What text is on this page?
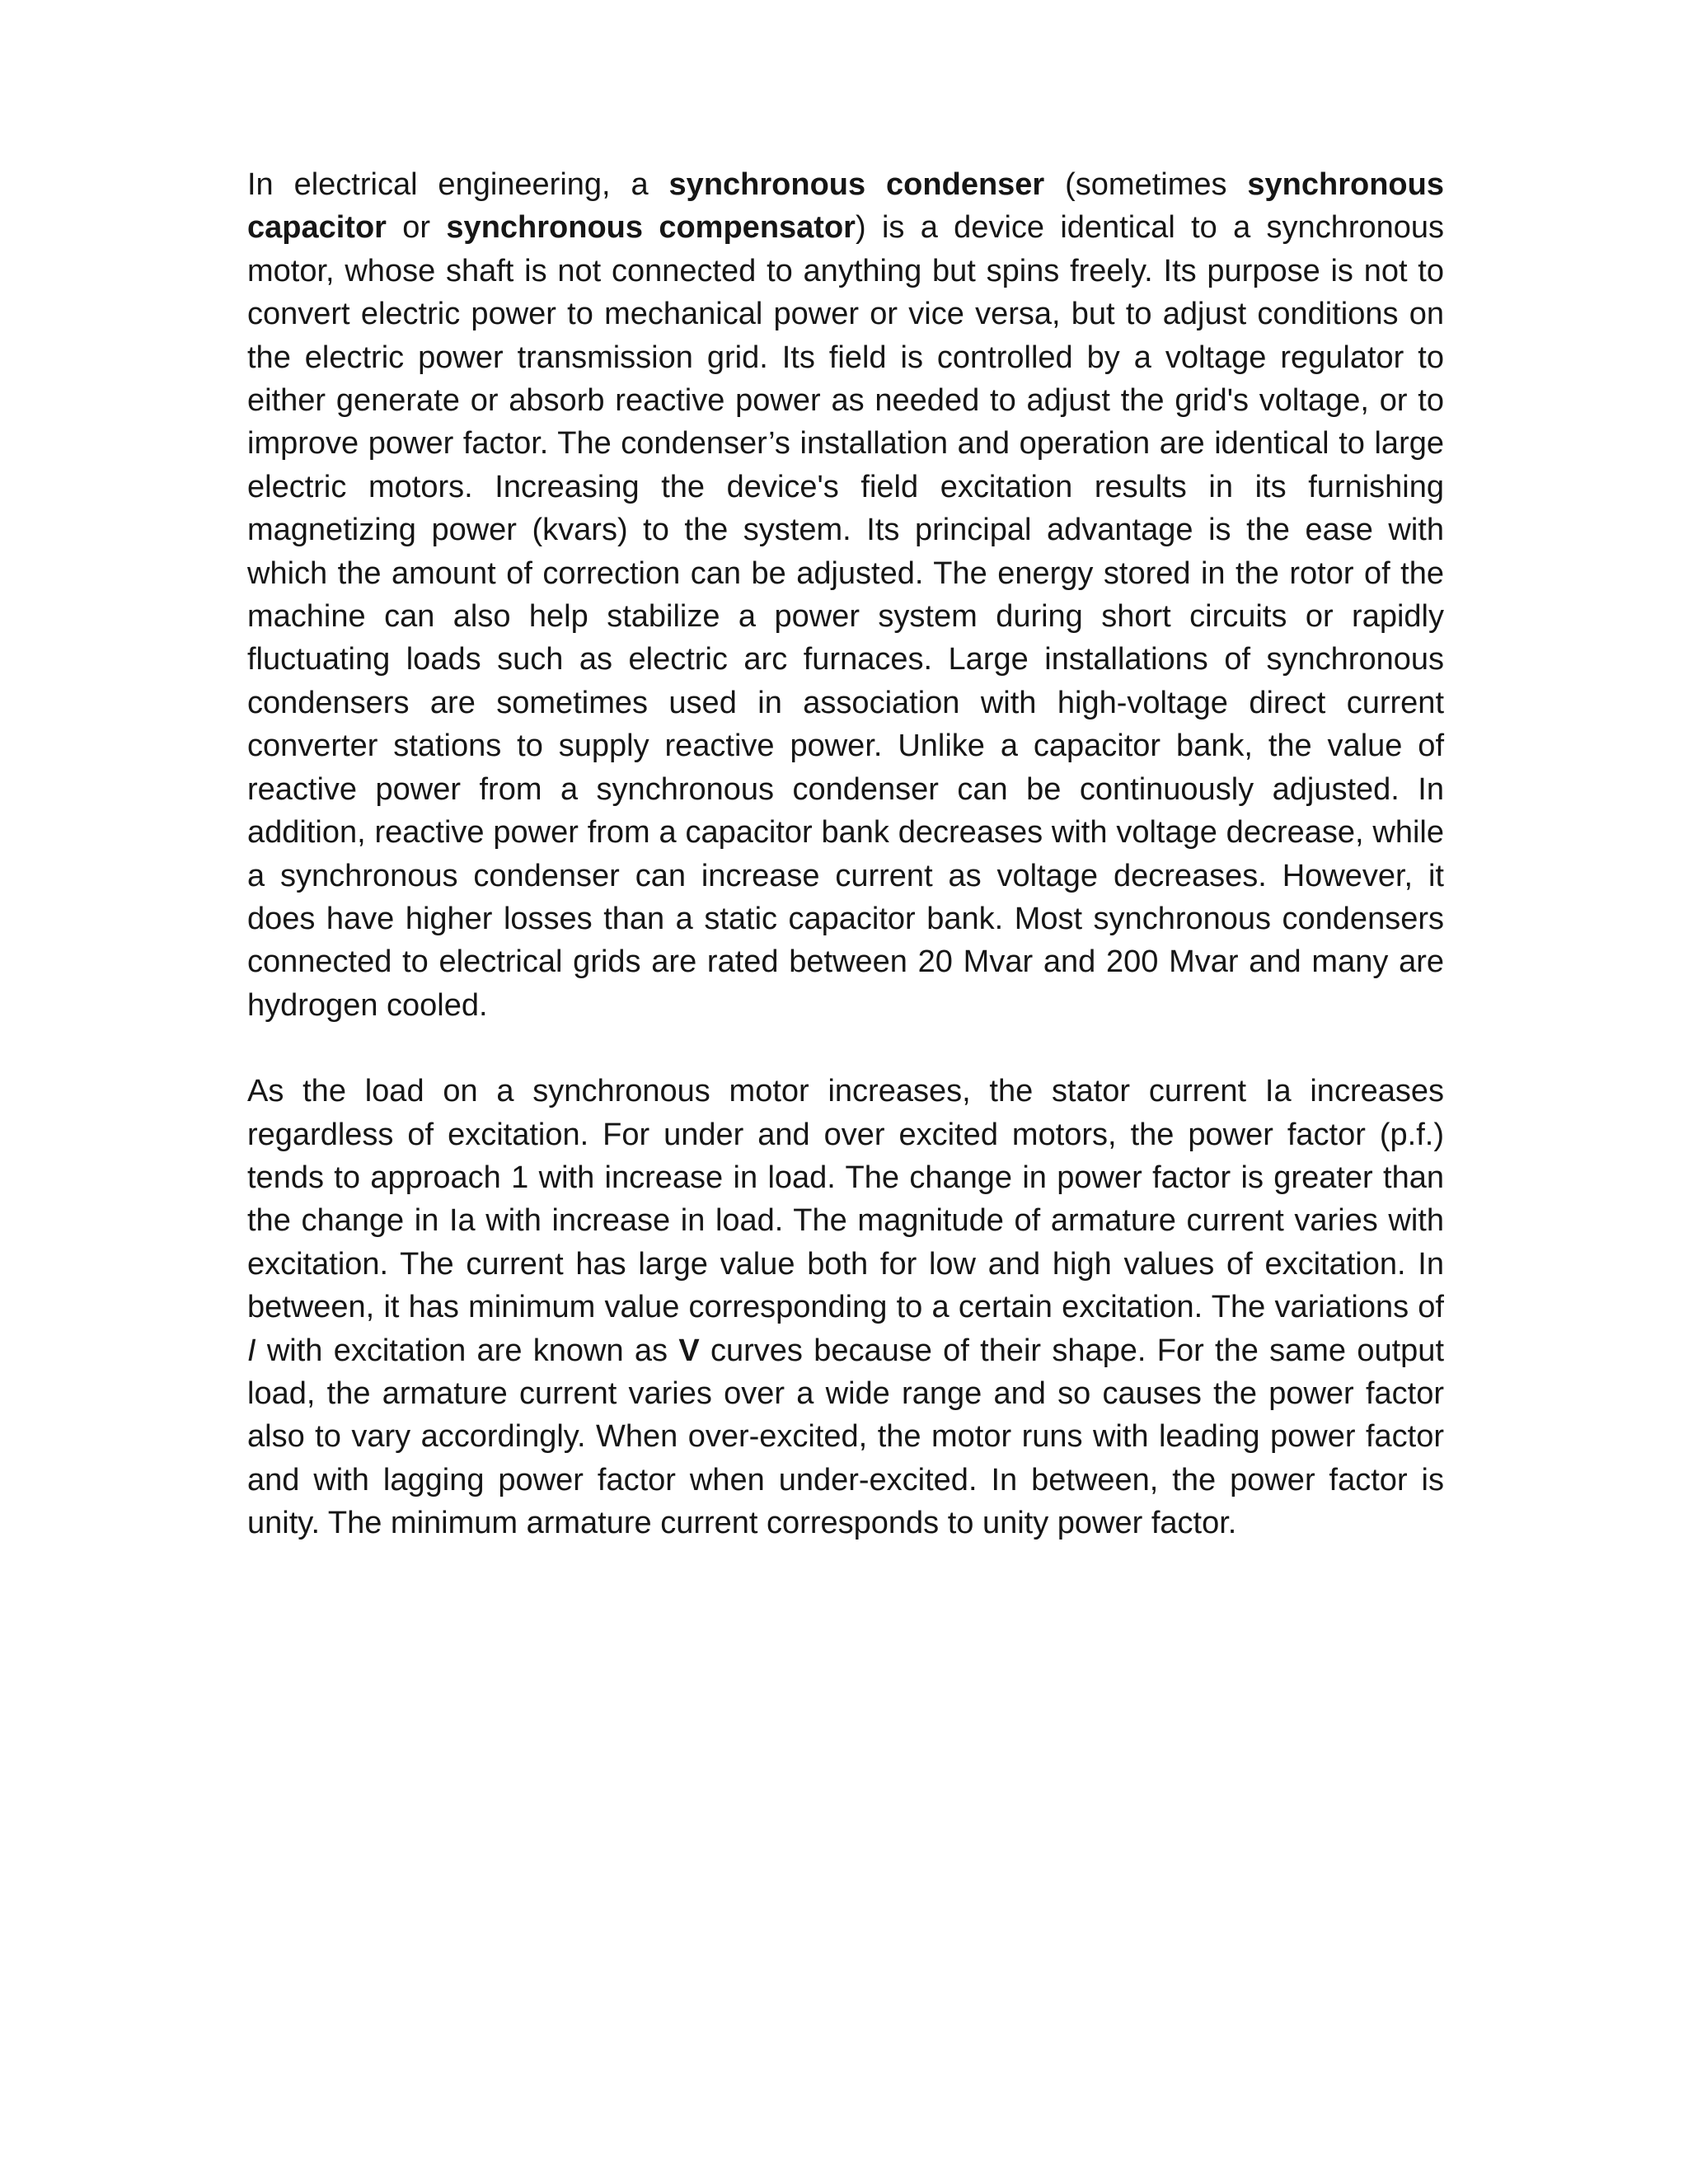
In electrical engineering, a synchronous condenser (sometimes synchronous capacitor or synchronous compensator) is a device identical to a synchronous motor, whose shaft is not connected to anything but spins freely. Its purpose is not to convert electric power to mechanical power or vice versa, but to adjust conditions on the electric power transmission grid. Its field is controlled by a voltage regulator to either generate or absorb reactive power as needed to adjust the grid's voltage, or to improve power factor. The condenser’s installation and operation are identical to large electric motors. Increasing the device's field excitation results in its furnishing magnetizing power (kvars) to the system. Its principal advantage is the ease with which the amount of correction can be adjusted. The energy stored in the rotor of the machine can also help stabilize a power system during short circuits or rapidly fluctuating loads such as electric arc furnaces. Large installations of synchronous condensers are sometimes used in association with high-voltage direct current converter stations to supply reactive power. Unlike a capacitor bank, the value of reactive power from a synchronous condenser can be continuously adjusted. In addition, reactive power from a capacitor bank decreases with voltage decrease, while a synchronous condenser can increase current as voltage decreases. However, it does have higher losses than a static capacitor bank. Most synchronous condensers connected to electrical grids are rated between 20 Mvar and 200 Mvar and many are hydrogen cooled.

As the load on a synchronous motor increases, the stator current Ia increases regardless of excitation. For under and over excited motors, the power factor (p.f.) tends to approach 1 with increase in load. The change in power factor is greater than the change in Ia with increase in load. The magnitude of armature current varies with excitation. The current has large value both for low and high values of excitation. In between, it has minimum value corresponding to a certain excitation. The variations of I with excitation are known as V curves because of their shape. For the same output load, the armature current varies over a wide range and so causes the power factor also to vary accordingly. When over-excited, the motor runs with leading power factor and with lagging power factor when under-excited. In between, the power factor is unity. The minimum armature current corresponds to unity power factor.
